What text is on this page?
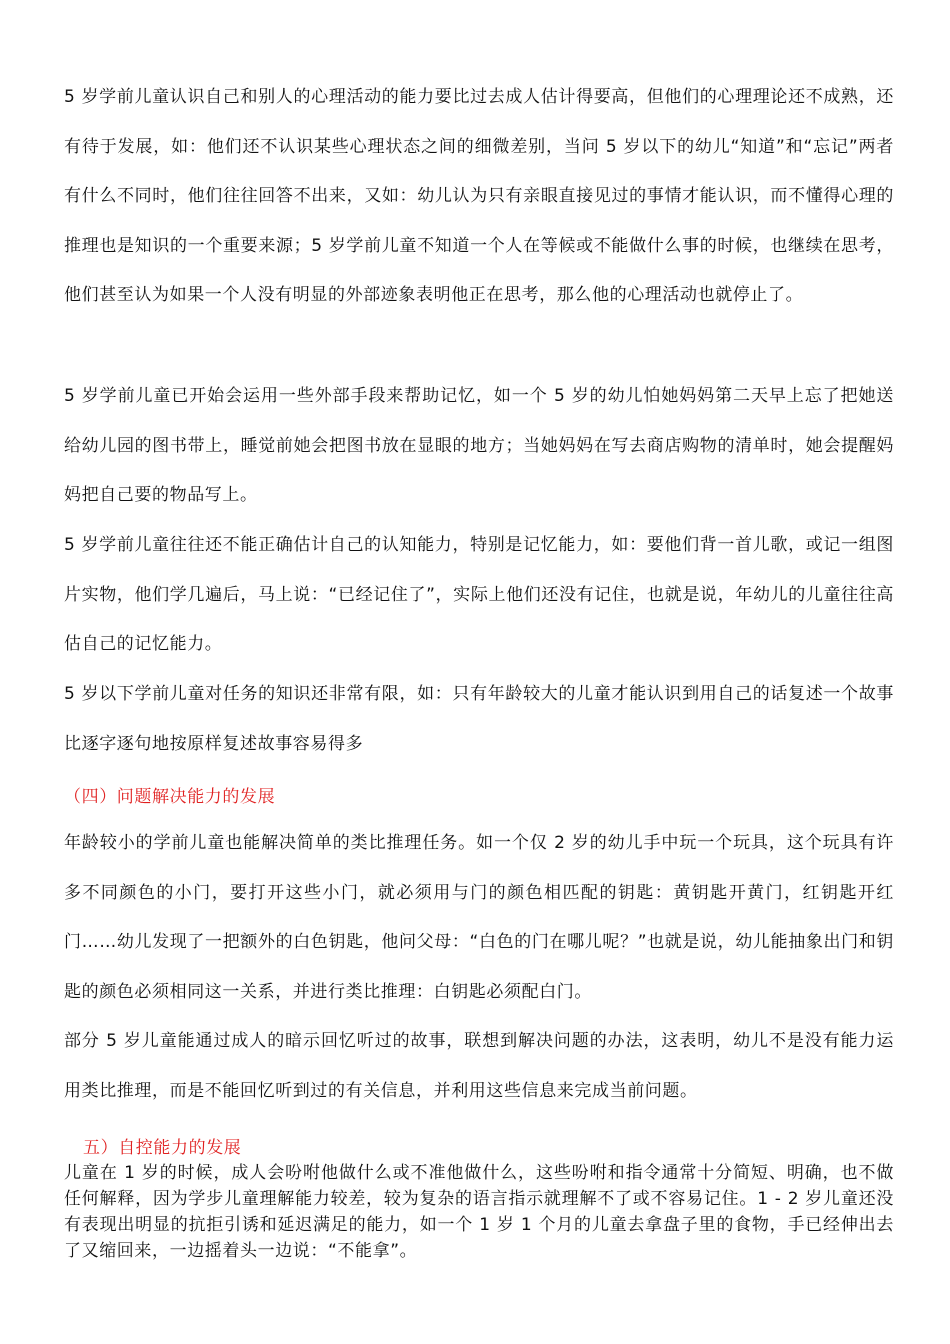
5 岁学前儿童认识自己和别人的心理活动的能力要比过去成人估计得要高，但他们的心理理论还不成熟，还有待于发展，如：他们还不认识某些心理状态之间的细微差别，当问 5 岁以下的幼儿“知道”和“忘记”两者有什么不同时，他们往往回答不出来，又如：幼儿认为只有亲眼直接见过的事情才能认识，而不懂得心理的推理也是知识的一个重要来源；5 岁学前儿童不知道一个人在等候或不能做什么事的时候，也继续在思考，他们甚至认为如果一个人没有明显的外部迹象表明他正在思考，那么他的心理活动也就停止了。

5 岁学前儿童已开始会运用一些外部手段来帮助记忆，如一个 5 岁的幼儿怕她妈妈第二天早上忘了把她送给幼儿园的图书带上，睡觉前她会把图书放在显眼的地方；当她妈妈在写去商店购物的清单时，她会提醒妈妈把自己要的物品写上。

5 岁学前儿童往往还不能正确估计自己的认知能力，特别是记忆能力，如：要他们背一首儿歌，或记一组图片实物，他们学几遍后，马上说：“已经记住了”，实际上他们还没有记住，也就是说，年幼儿的儿童往往高估自己的记忆能力。

5 岁以下学前儿童对任务的知识还非常有限，如：只有年龄较大的儿童才能认识到用自己的话复述一个故事比逐字逐句地按原样复述故事容易得多

（四）问题解决能力的发展

年龄较小的学前儿童也能解决简单的类比推理任务。如一个仅 2 岁的幼儿手中玩一个玩具，这个玩具有许多不同颜色的小门，要打开这些小门，就必须用与门的颜色相匹配的钥匙：黄钥匙开黄门，红钥匙开红门……幼儿发现了一把额外的白色钥匙，他问父母：“白色的门在哪儿呢？”也就是说，幼儿能抽象出门和钥匙的颜色必须相同这一关系，并进行类比推理：白钥匙必须配白门。

部分 5 岁儿童能通过成人的暗示回忆听过的故事，联想到解决问题的办法，这表明，幼儿不是没有能力运用类比推理，而是不能回忆听到过的有关信息，并利用这些信息来完成当前问题。

五）自控能力的发展

儿童在 1 岁的时候，成人会吩咐他做什么或不准他做什么，这些吩咐和指令通常十分简短、明确，也不做任何解释，因为学步儿童理解能力较差，较为复杂的语言指示就理解不了或不容易记住。1 - 2 岁儿童还没有表现出明显的抗拒引诱和延迟满足的能力，如一个 1 岁 1 个月的儿童去拿盘子里的食物，手已经伸出去了又缩回来，一边摇着头一边说：“不能拿”。
